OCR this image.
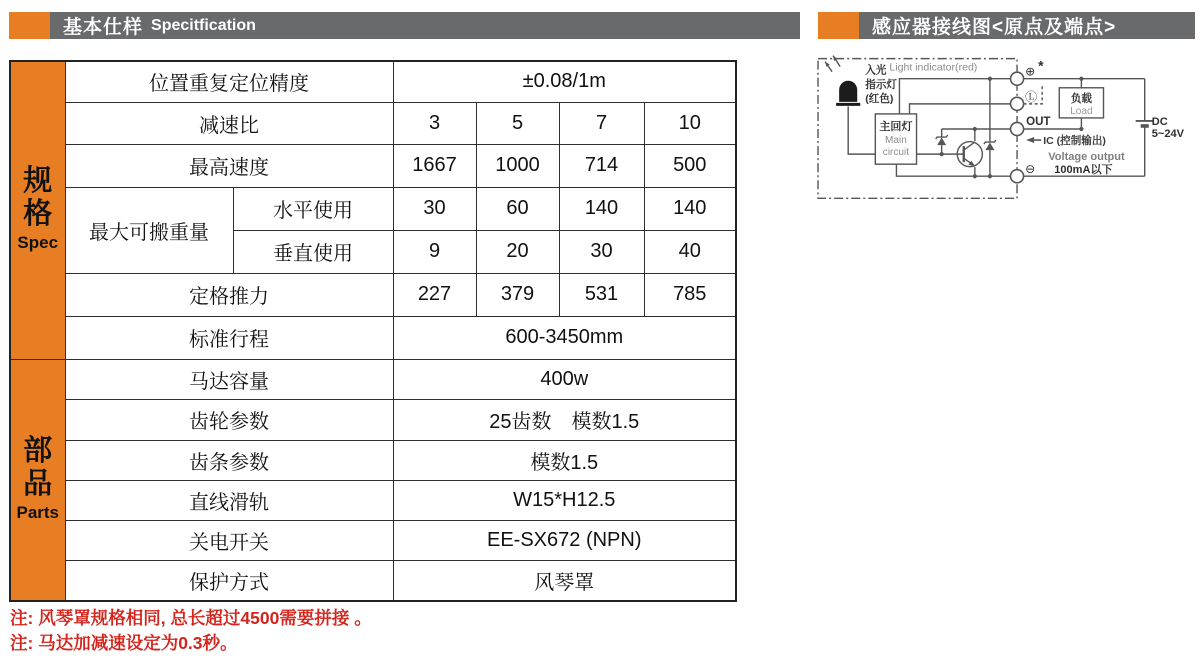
基本仕样 Specitfication	感应器接线图<原点及端点>
规
格
Spec	位置重复定位精度		±0.08/1m			
	减速比		3	5	7	10
	最高速度		1667	1000	714	500
	最大可搬重量	水平使用	30	60	140	140
		垂直使用	9	20	30	40
	定格推力		227	379	531	785
	标准行程		600-3450mm			

部
品
Parts	马达容量		400w			
	齿轮参数		25齿数　模数1.5			
	齿条参数		模数1.5			
	直线滑轨		W15*H12.5			
	关电开关		EE-SX672 (NPN)			
	保护方式		风琴罩			
注: 风琴罩规格相同, 总长超过4500需要拼接 。
注: 马达加减速设定为0.3秒。
Light indicator(red)
入光
指示灯
(红色)
主回灯
Main
circuit
⊕ *
Ⓛ
OUT
⊖
负载
Load
IC (控制输出)
Voltage output
100mA以下
DC
5~24V
